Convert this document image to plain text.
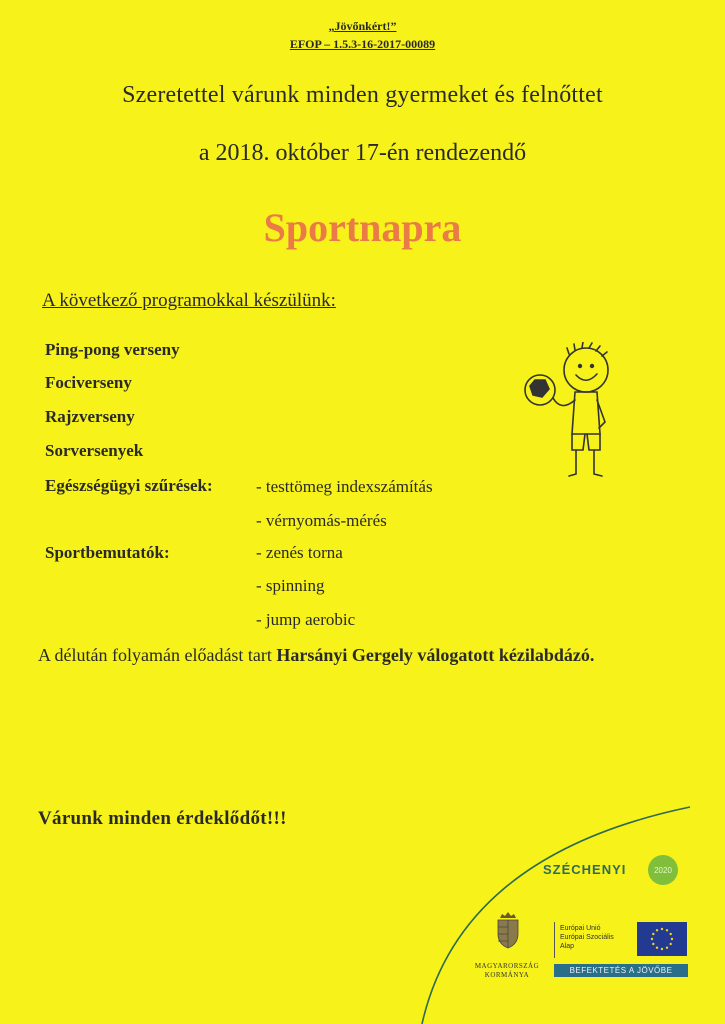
„Jövőnkért!”
EFOP – 1.5.3-16-2017-00089
Szeretettel várunk minden gyermeket és felnőttet
a 2018. október 17-én rendezendő
Sportnapra
A következő programokkal készülünk:
Ping-pong verseny
Fociverseny
Rajzverseny
Sorversenyek
Egészségügyi szűrések:	- testtömeg indexszámítás
- vérnyomás-mérés
Sportbemutatók:	- zenés torna
- spinning
- jump aerobic
A délután folyamán előadást tart Harsányi Gergely válogatott kézilabdázó.
Várunk minden érdeklődőt!!!
SZÉCHENYI	2020
MAGYARORSZÁG KORMÁNYA
Európai Unió
Európai Szociális
Alap
BEFEKTETÉS A JÖVŐBE
